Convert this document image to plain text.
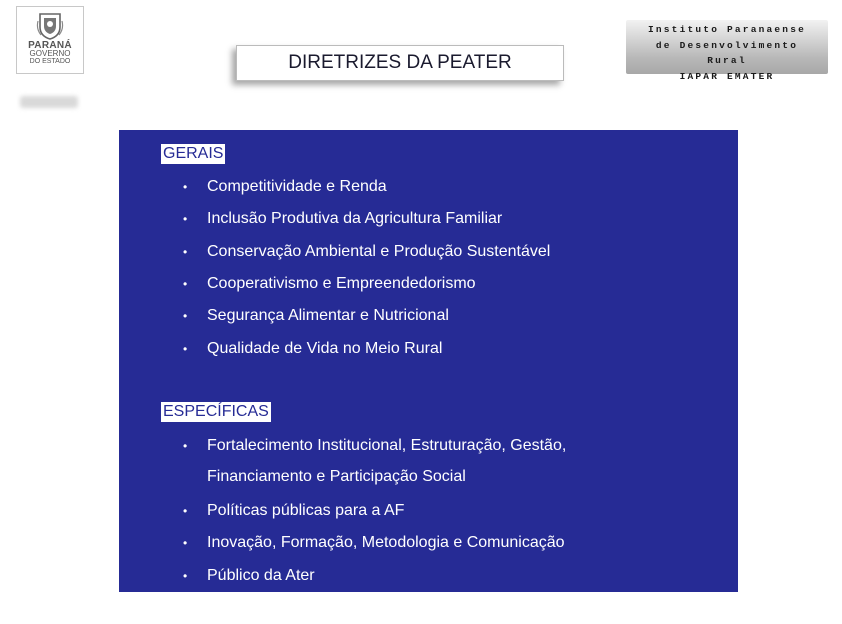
PARANÁ
GOVERNO
DO ESTADO	DIRETRIZES DA PEATER
Instituto Paranaense
de Desenvolvimento
Rural
IAPAR EMATER
GERAIS
• Competitividade e Renda
• Inclusão Produtiva da Agricultura Familiar
• Conservação Ambiental e Produção Sustentável
• Cooperativismo e Empreendedorismo
• Segurança Alimentar e Nutricional
• Qualidade de Vida no Meio Rural
ESPECÍFICAS
• Fortalecimento Institucional, Estruturação, Gestão,
Financiamento e Participação Social
• Políticas públicas para a AF
• Inovação, Formação, Metodologia e Comunicação
• Público da Ater
